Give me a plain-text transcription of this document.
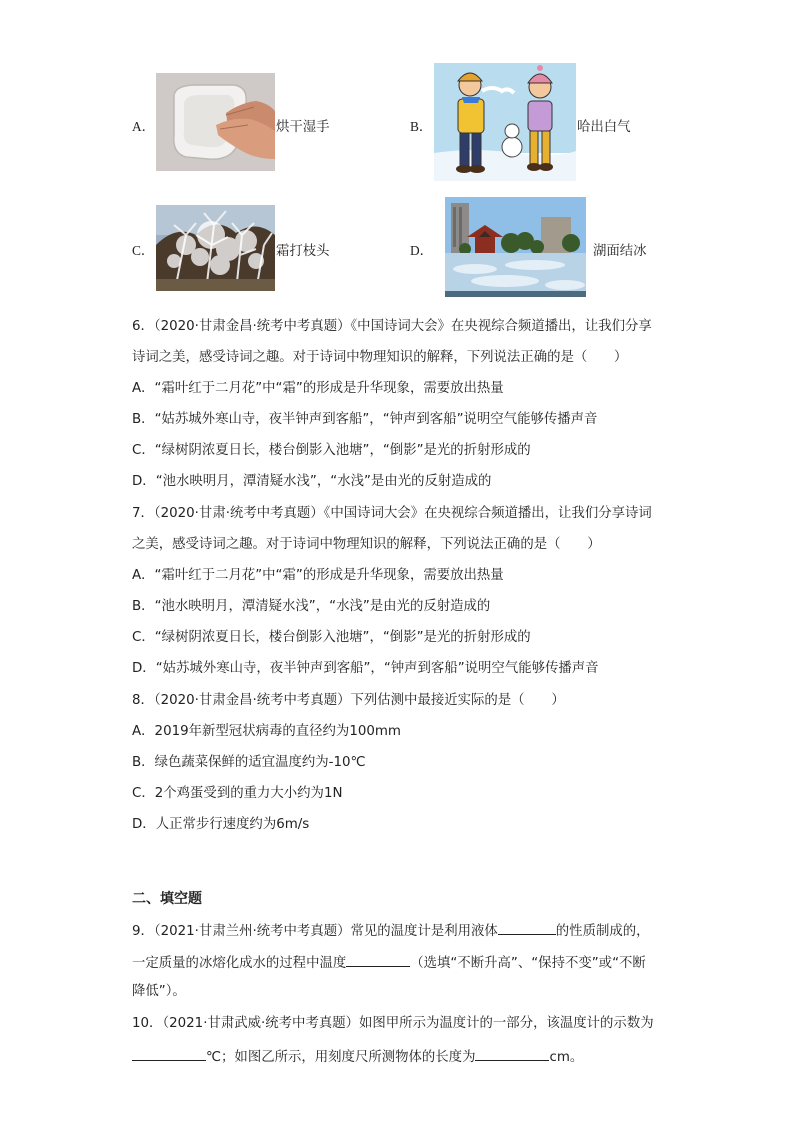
A．	烘干湿手	B．	哈出白气
C．	霜打枝头	D．	湖面结冰
6．（2020·甘肃金昌·统考中考真题）《中国诗词大会》在央视综合频道播出，让我们分享
诗词之美，感受诗词之趣。对于诗词中物理知识的解释，下列说法正确的是（　　）
A．“霜叶红于二月花”中“霜”的形成是升华现象，需要放出热量
B．“姑苏城外寒山寺，夜半钟声到客船”，“钟声到客船”说明空气能够传播声音
C．“绿树阴浓夏日长，楼台倒影入池塘”，“倒影”是光的折射形成的
D．“池水映明月，潭清疑水浅”，“水浅”是由光的反射造成的
7．（2020·甘肃·统考中考真题）《中国诗词大会》在央视综合频道播出，让我们分享诗词
之美，感受诗词之趣。对于诗词中物理知识的解释，下列说法正确的是（　　）
A．“霜叶红于二月花”中“霜”的形成是升华现象，需要放出热量
B．“池水映明月，潭清疑水浅”，“水浅”是由光的反射造成的
C．“绿树阴浓夏日长，楼台倒影入池塘”，“倒影”是光的折射形成的
D．“姑苏城外寒山寺，夜半钟声到客船”，“钟声到客船”说明空气能够传播声音
8．（2020·甘肃金昌·统考中考真题）下列估测中最接近实际的是（　　）
A．2019年新型冠状病毒的直径约为100mm
B．绿色蔬菜保鲜的适宜温度约为-10℃
C．2个鸡蛋受到的重力大小约为1N
D．人正常步行速度约为6m/s
二、填空题
9．（2021·甘肃兰州·统考中考真题）常见的温度计是利用液体	的性质制成的，
一定质量的冰熔化成水的过程中温度	（选填“不断升高”、“保持不变”或“不断
降低”）。
10．（2021·甘肃武威·统考中考真题）如图甲所示为温度计的一部分，该温度计的示数为
℃；如图乙所示，用刻度尺所测物体的长度为	cm。
